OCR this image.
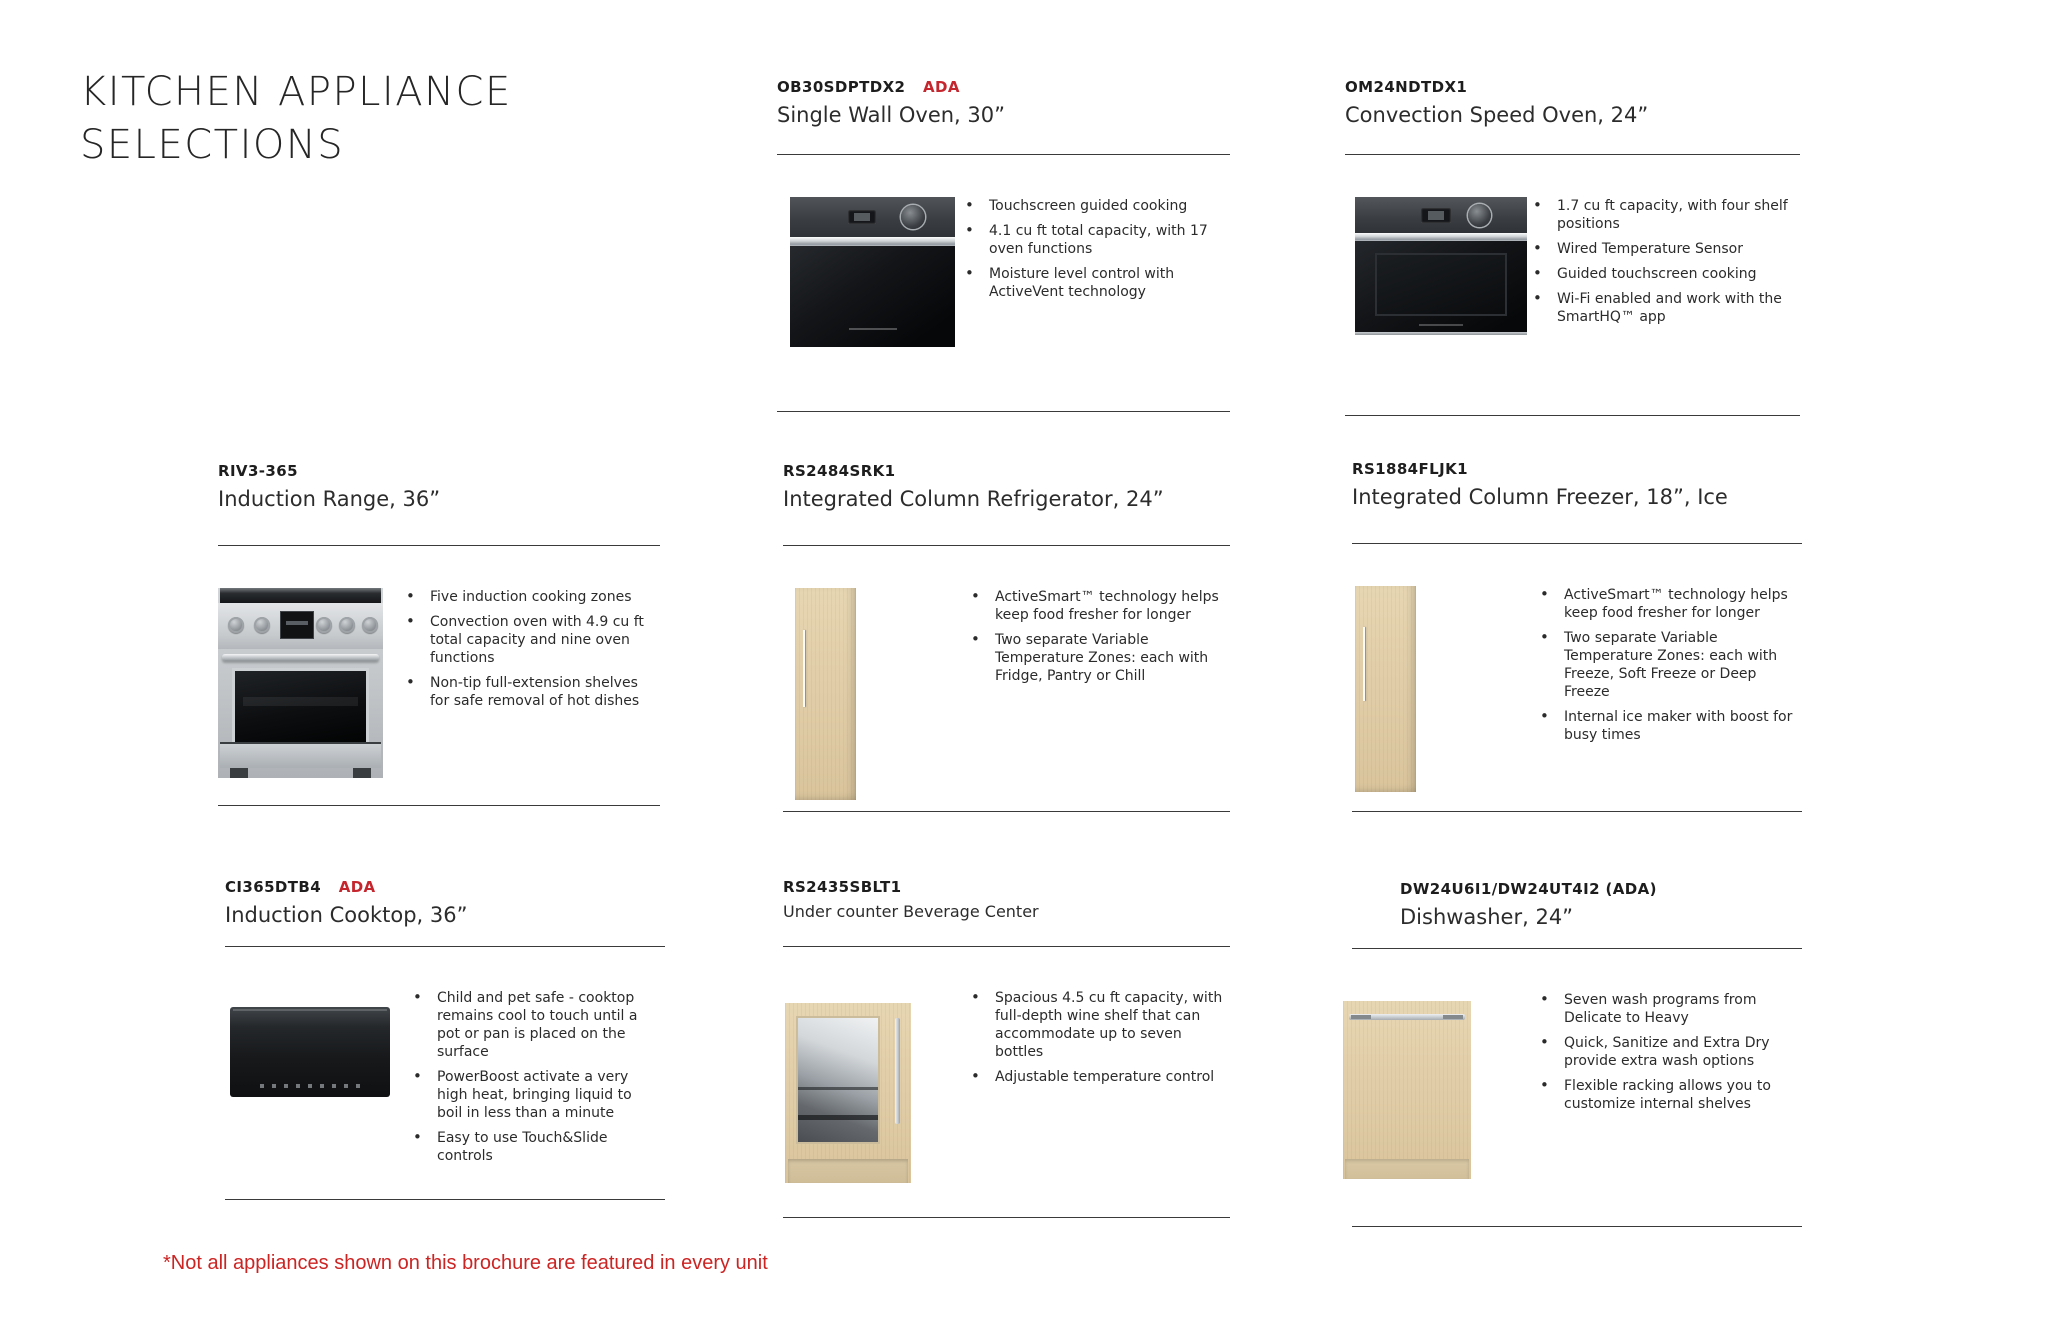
KITCHEN APPLIANCE
SELECTIONS
OB30SDPTDX2 ADA
Single Wall Oven, 30”
• Touchscreen guided cooking
• 4.1 cu ft total capacity, with 17 oven functions
• Moisture level control with ActiveVent technology
OM24NDTDX1
Convection Speed Oven, 24”
• 1.7 cu ft capacity, with four shelf positions
• Wired Temperature Sensor
• Guided touchscreen cooking
• Wi-Fi enabled and work with the SmartHQ™ app
RIV3-365
Induction Range, 36”
• Five induction cooking zones
• Convection oven with 4.9 cu ft total capacity and nine oven functions
• Non-tip full-extension shelves for safe removal of hot dishes
RS2484SRK1
Integrated Column Refrigerator, 24”
• ActiveSmart™ technology helps keep food fresher for longer
• Two separate Variable Temperature Zones: each with Fridge, Pantry or Chill
RS1884FLJK1
Integrated Column Freezer, 18”, Ice
• ActiveSmart™ technology helps keep food fresher for longer
• Two separate Variable Temperature Zones: each with Freeze, Soft Freeze or Deep Freeze
• Internal ice maker with boost for busy times
CI365DTB4 ADA
Induction Cooktop, 36”
• Child and pet safe - cooktop remains cool to touch until a pot or pan is placed on the surface
• PowerBoost activate a very high heat, bringing liquid to boil in less than a minute
• Easy to use Touch&Slide controls
RS2435SBLT1
Under counter Beverage Center
• Spacious 4.5 cu ft capacity, with full-depth wine shelf that can accommodate up to seven bottles
• Adjustable temperature control
DW24U6I1/DW24UT4I2 (ADA)
Dishwasher, 24”
• Seven wash programs from Delicate to Heavy
• Quick, Sanitize and Extra Dry provide extra wash options
• Flexible racking allows you to customize internal shelves
*Not all appliances shown on this brochure are featured in every unit
